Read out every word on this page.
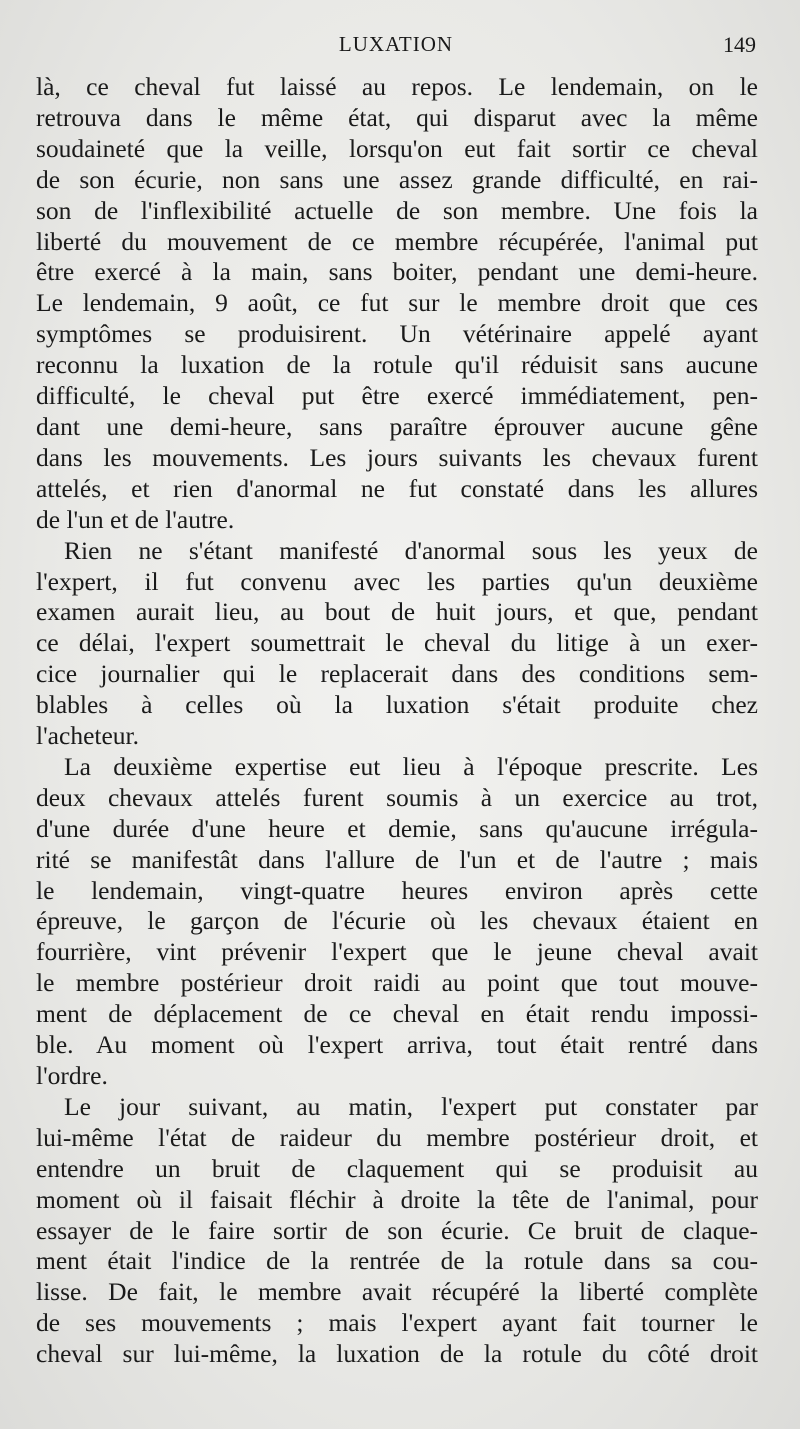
LUXATION	149
là, ce cheval fut laissé au repos. Le lendemain, on le
retrouva dans le même état, qui disparut avec la même
soudaineté que la veille, lorsqu'on eut fait sortir ce cheval
de son écurie, non sans une assez grande difficulté, en rai-
son de l'inflexibilité actuelle de son membre. Une fois la
liberté du mouvement de ce membre récupérée, l'animal put
être exercé à la main, sans boiter, pendant une demi-heure.
Le lendemain, 9 août, ce fut sur le membre droit que ces
symptômes se produisirent. Un vétérinaire appelé ayant
reconnu la luxation de la rotule qu'il réduisit sans aucune
difficulté, le cheval put être exercé immédiatement, pen-
dant une demi-heure, sans paraître éprouver aucune gêne
dans les mouvements. Les jours suivants les chevaux furent
attelés, et rien d'anormal ne fut constaté dans les allures
de l'un et de l'autre.
Rien ne s'étant manifesté d'anormal sous les yeux de
l'expert, il fut convenu avec les parties qu'un deuxième
examen aurait lieu, au bout de huit jours, et que, pendant
ce délai, l'expert soumettrait le cheval du litige à un exer-
cice journalier qui le replacerait dans des conditions sem-
blables à celles où la luxation s'était produite chez
l'acheteur.
La deuxième expertise eut lieu à l'époque prescrite. Les
deux chevaux attelés furent soumis à un exercice au trot,
d'une durée d'une heure et demie, sans qu'aucune irrégula-
rité se manifestât dans l'allure de l'un et de l'autre ; mais
le lendemain, vingt-quatre heures environ après cette
épreuve, le garçon de l'écurie où les chevaux étaient en
fourrière, vint prévenir l'expert que le jeune cheval avait
le membre postérieur droit raidi au point que tout mouve-
ment de déplacement de ce cheval en était rendu impossi-
ble. Au moment où l'expert arriva, tout était rentré dans
l'ordre.
Le jour suivant, au matin, l'expert put constater par
lui-même l'état de raideur du membre postérieur droit, et
entendre un bruit de claquement qui se produisit au
moment où il faisait fléchir à droite la tête de l'animal, pour
essayer de le faire sortir de son écurie. Ce bruit de claque-
ment était l'indice de la rentrée de la rotule dans sa cou-
lisse. De fait, le membre avait récupéré la liberté complète
de ses mouvements ; mais l'expert ayant fait tourner le
cheval sur lui-même, la luxation de la rotule du côté droit
